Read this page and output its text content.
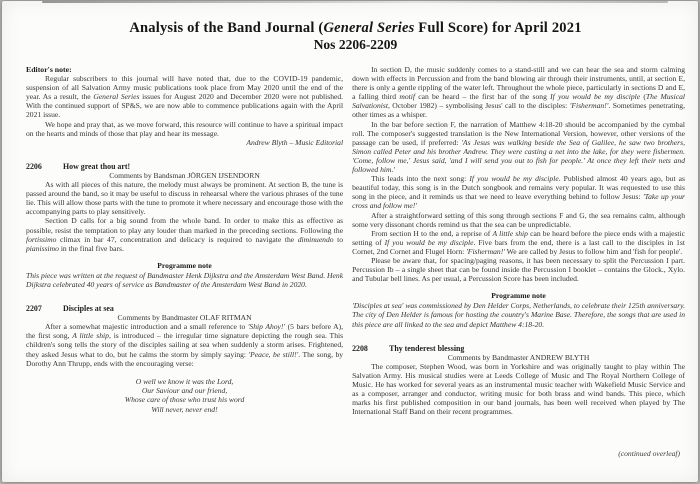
Analysis of the Band Journal (General Series Full Score) for April 2021
Nos 2206-2209
Editor's note:

Regular subscribers to this journal will have noted that, due to the COVID-19 pandemic, suspension of all Salvation Army music publications took place from May 2020 until the end of the year. As a result, the General Series issues for August 2020 and December 2020 were not published. With the continued support of SP&S, we are now able to commence publications again with the April 2021 issue.

We hope and pray that, as we move forward, this resource will continue to have a spiritual impact on the hearts and minds of those that play and hear its message.

Andrew Blyth – Music Editorial

2206	How great thou art!

Comments by Bandsman JÖRGEN IJSENDORN

As with all pieces of this nature, the melody must always be prominent. At section B, the tune is passed around the band, so it may be useful to discuss in rehearsal where the various phrases of the tune lie. This will allow those parts with the tune to promote it where necessary and encourage those with the accompanying parts to play sensitively.

Section D calls for a big sound from the whole band. In order to make this as effective as possible, resist the temptation to play any louder than marked in the preceding sections. Following the fortissimo climax in bar 47, concentration and delicacy is required to navigate the diminuendo to pianissimo in the final five bars.

Programme note

This piece was written at the request of Bandmaster Henk Dijkstra and the Amsterdam West Band. Henk Dijkstra celebrated 40 years of service as Bandmaster of the Amsterdam West Band in 2020.

2207	Disciples at sea

Comments by Bandmaster OLAF RITMAN

After a somewhat majestic introduction and a small reference to 'Ship Ahoy!' (5 bars before A), the first song, A little ship, is introduced – the irregular time signature depicting the rough sea. This children's song tells the story of the disciples sailing at sea when suddenly a storm arises. Frightened, they asked Jesus what to do, but he calms the storm by simply saying: 'Peace, be still!'. The song, by Dorothy Ann Thrupp, ends with the encouraging verse:

O well we know it was the Lord,
Our Saviour and our friend,
Whose care of those who trust his word
Will never, never end!

In section D, the music suddenly comes to a stand-still and we can hear the sea and storm calming down with effects in Percussion and from the band blowing air through their instruments, until, at section E, there is only a gentle rippling of the water left. Throughout the whole piece, particularly in sections D and E, a falling third motif can be heard – the first bar of the song If you would be my disciple (The Musical Salvationist, October 1982) – symbolising Jesus' call to the disciples: 'Fisherman!'. Sometimes penetrating, other times as a whisper.

In the bar before section F, the narration of Matthew 4:18-20 should be accompanied by the cymbal roll. The composer's suggested translation is the New International Version, however, other versions of the passage can be used, if preferred: 'As Jesus was walking beside the Sea of Galilee, he saw two brothers, Simon called Peter and his brother Andrew. They were casting a net into the lake, for they were fishermen. 'Come, follow me,' Jesus said, 'and I will send you out to fish for people.' At once they left their nets and followed him.'

This leads into the next song: If you would be my disciple. Published almost 40 years ago, but as beautiful today, this song is in the Dutch songbook and remains very popular. It was requested to use this song in the piece, and it reminds us that we need to leave everything behind to follow Jesus: 'Take up your cross and follow me!'

After a straightforward setting of this song through sections F and G, the sea remains calm, although some very dissonant chords remind us that the sea can be unpredictable.

From section H to the end, a reprise of A little ship can be heard before the piece ends with a majestic setting of If you would be my disciple. Five bars from the end, there is a last call to the disciples in 1st Cornet, 2nd Cornet and Flugel Horn: 'Fisherman!' We are called by Jesus to follow him and 'fish for people'.

Please be aware that, for spacing/paging reasons, it has been necessary to split the Percussion I part. Percussion Ib – a single sheet that can be found inside the Percussion I booklet – contains the Glock., Xylo. and Tubular bell lines. As per usual, a Percussion Score has been included.

Programme note

'Disciples at sea' was commissioned by Den Helder Corps, Netherlands, to celebrate their 125th anniversary. The city of Den Helder is famous for hosting the country's Marine Base. Therefore, the songs that are used in this piece are all linked to the sea and depict Matthew 4:18-20.

2208	Thy tenderest blessing

Comments by Bandmaster ANDREW BLYTH

The composer, Stephen Wood, was born in Yorkshire and was originally taught to play within The Salvation Army. His musical studies were at Leeds College of Music and The Royal Northern College of Music. He has worked for several years as an instrumental music teacher with Wakefield Music Service and as a composer, arranger and conductor, writing music for both brass and wind bands. This piece, which marks his first published composition in our band journals, has been well received when played by The International Staff Band on their recent programmes.

(continued overleaf)
